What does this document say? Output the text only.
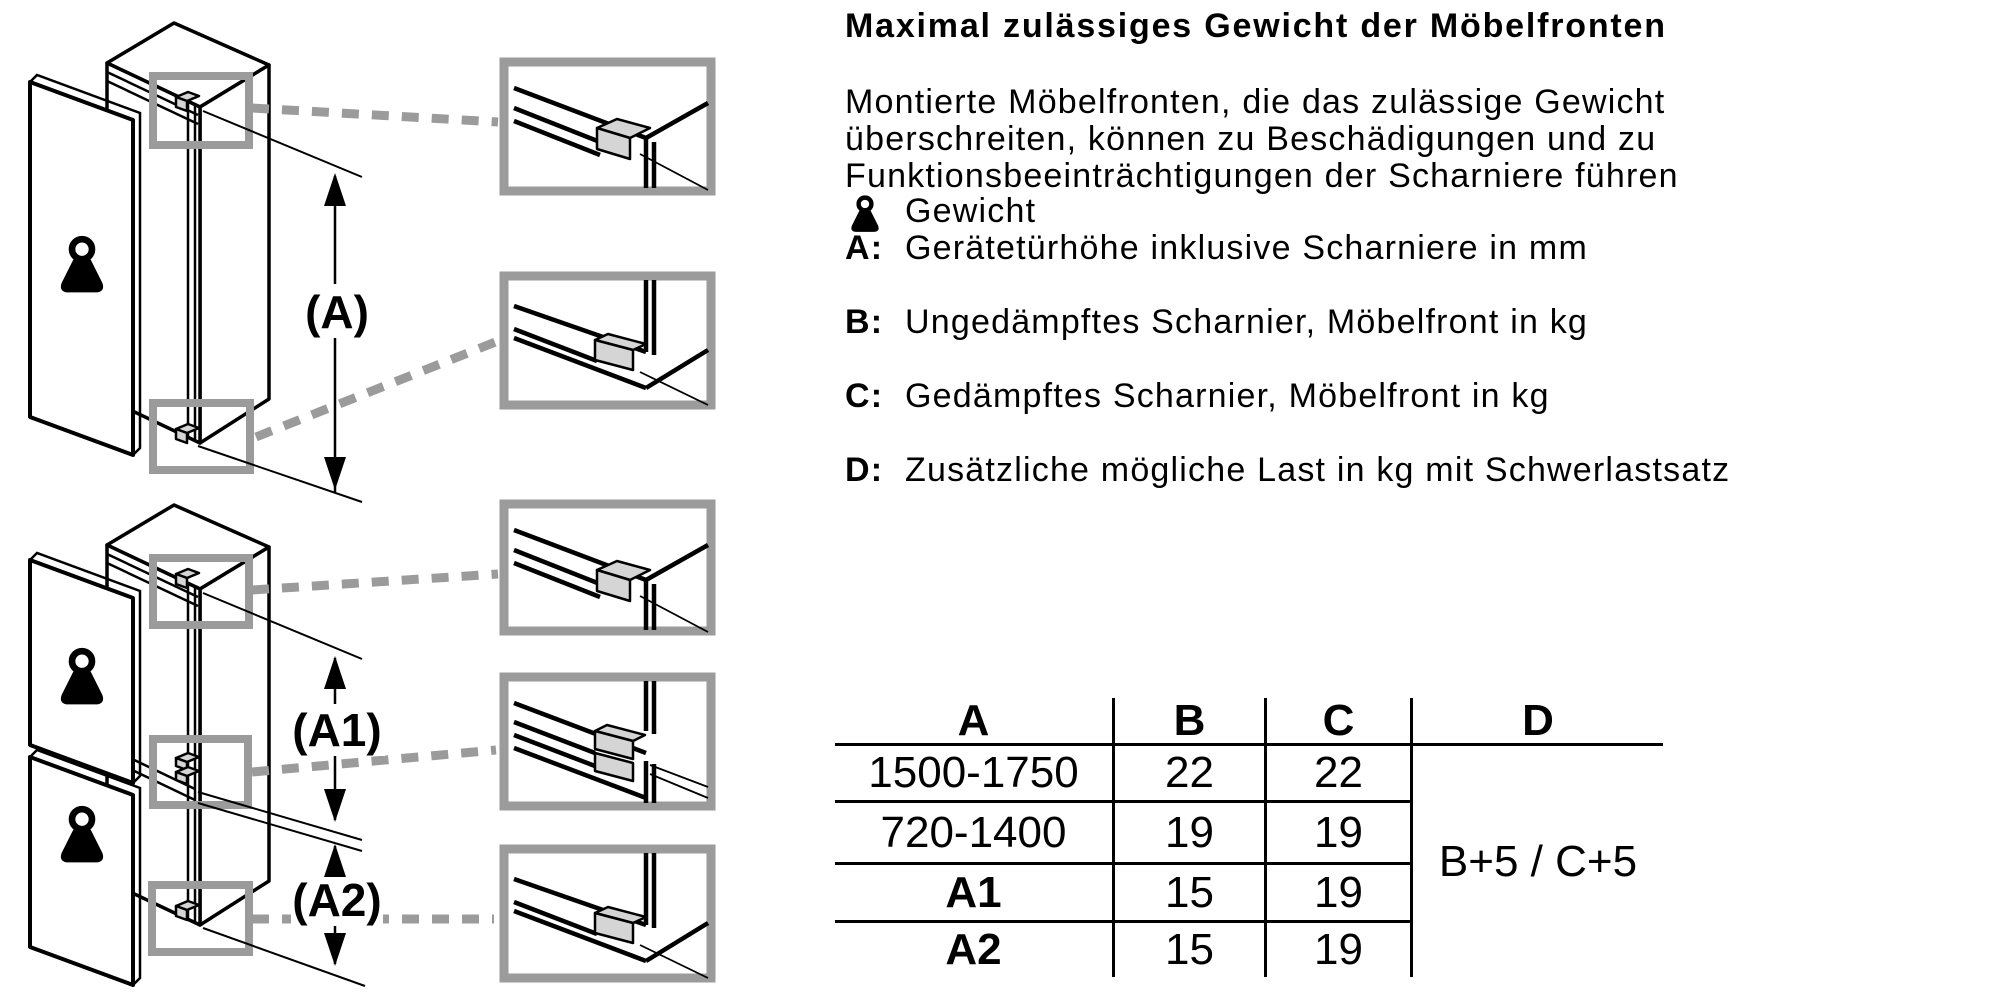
(A)
(A1)
(A2)
Maximal zulässiges Gewicht der Möbelfronten
Montierte Möbelfronten, die das zulässige Gewicht
überschreiten, können zu Beschädigungen und zu
Funktionsbeeinträchtigungen der Scharniere führen
Gewicht
A: Gerätetürhöhe inklusive Scharniere in mm
B: Ungedämpftes Scharnier, Möbelfront in kg
C: Gedämpftes Scharnier, Möbelfront in kg
D: Zusätzliche mögliche Last in kg mit Schwerlastsatz
A	B	C	D
1500-1750	22	22
B+5 / C+5
720-1400	19	19
A1	15	19
A2	15	19
